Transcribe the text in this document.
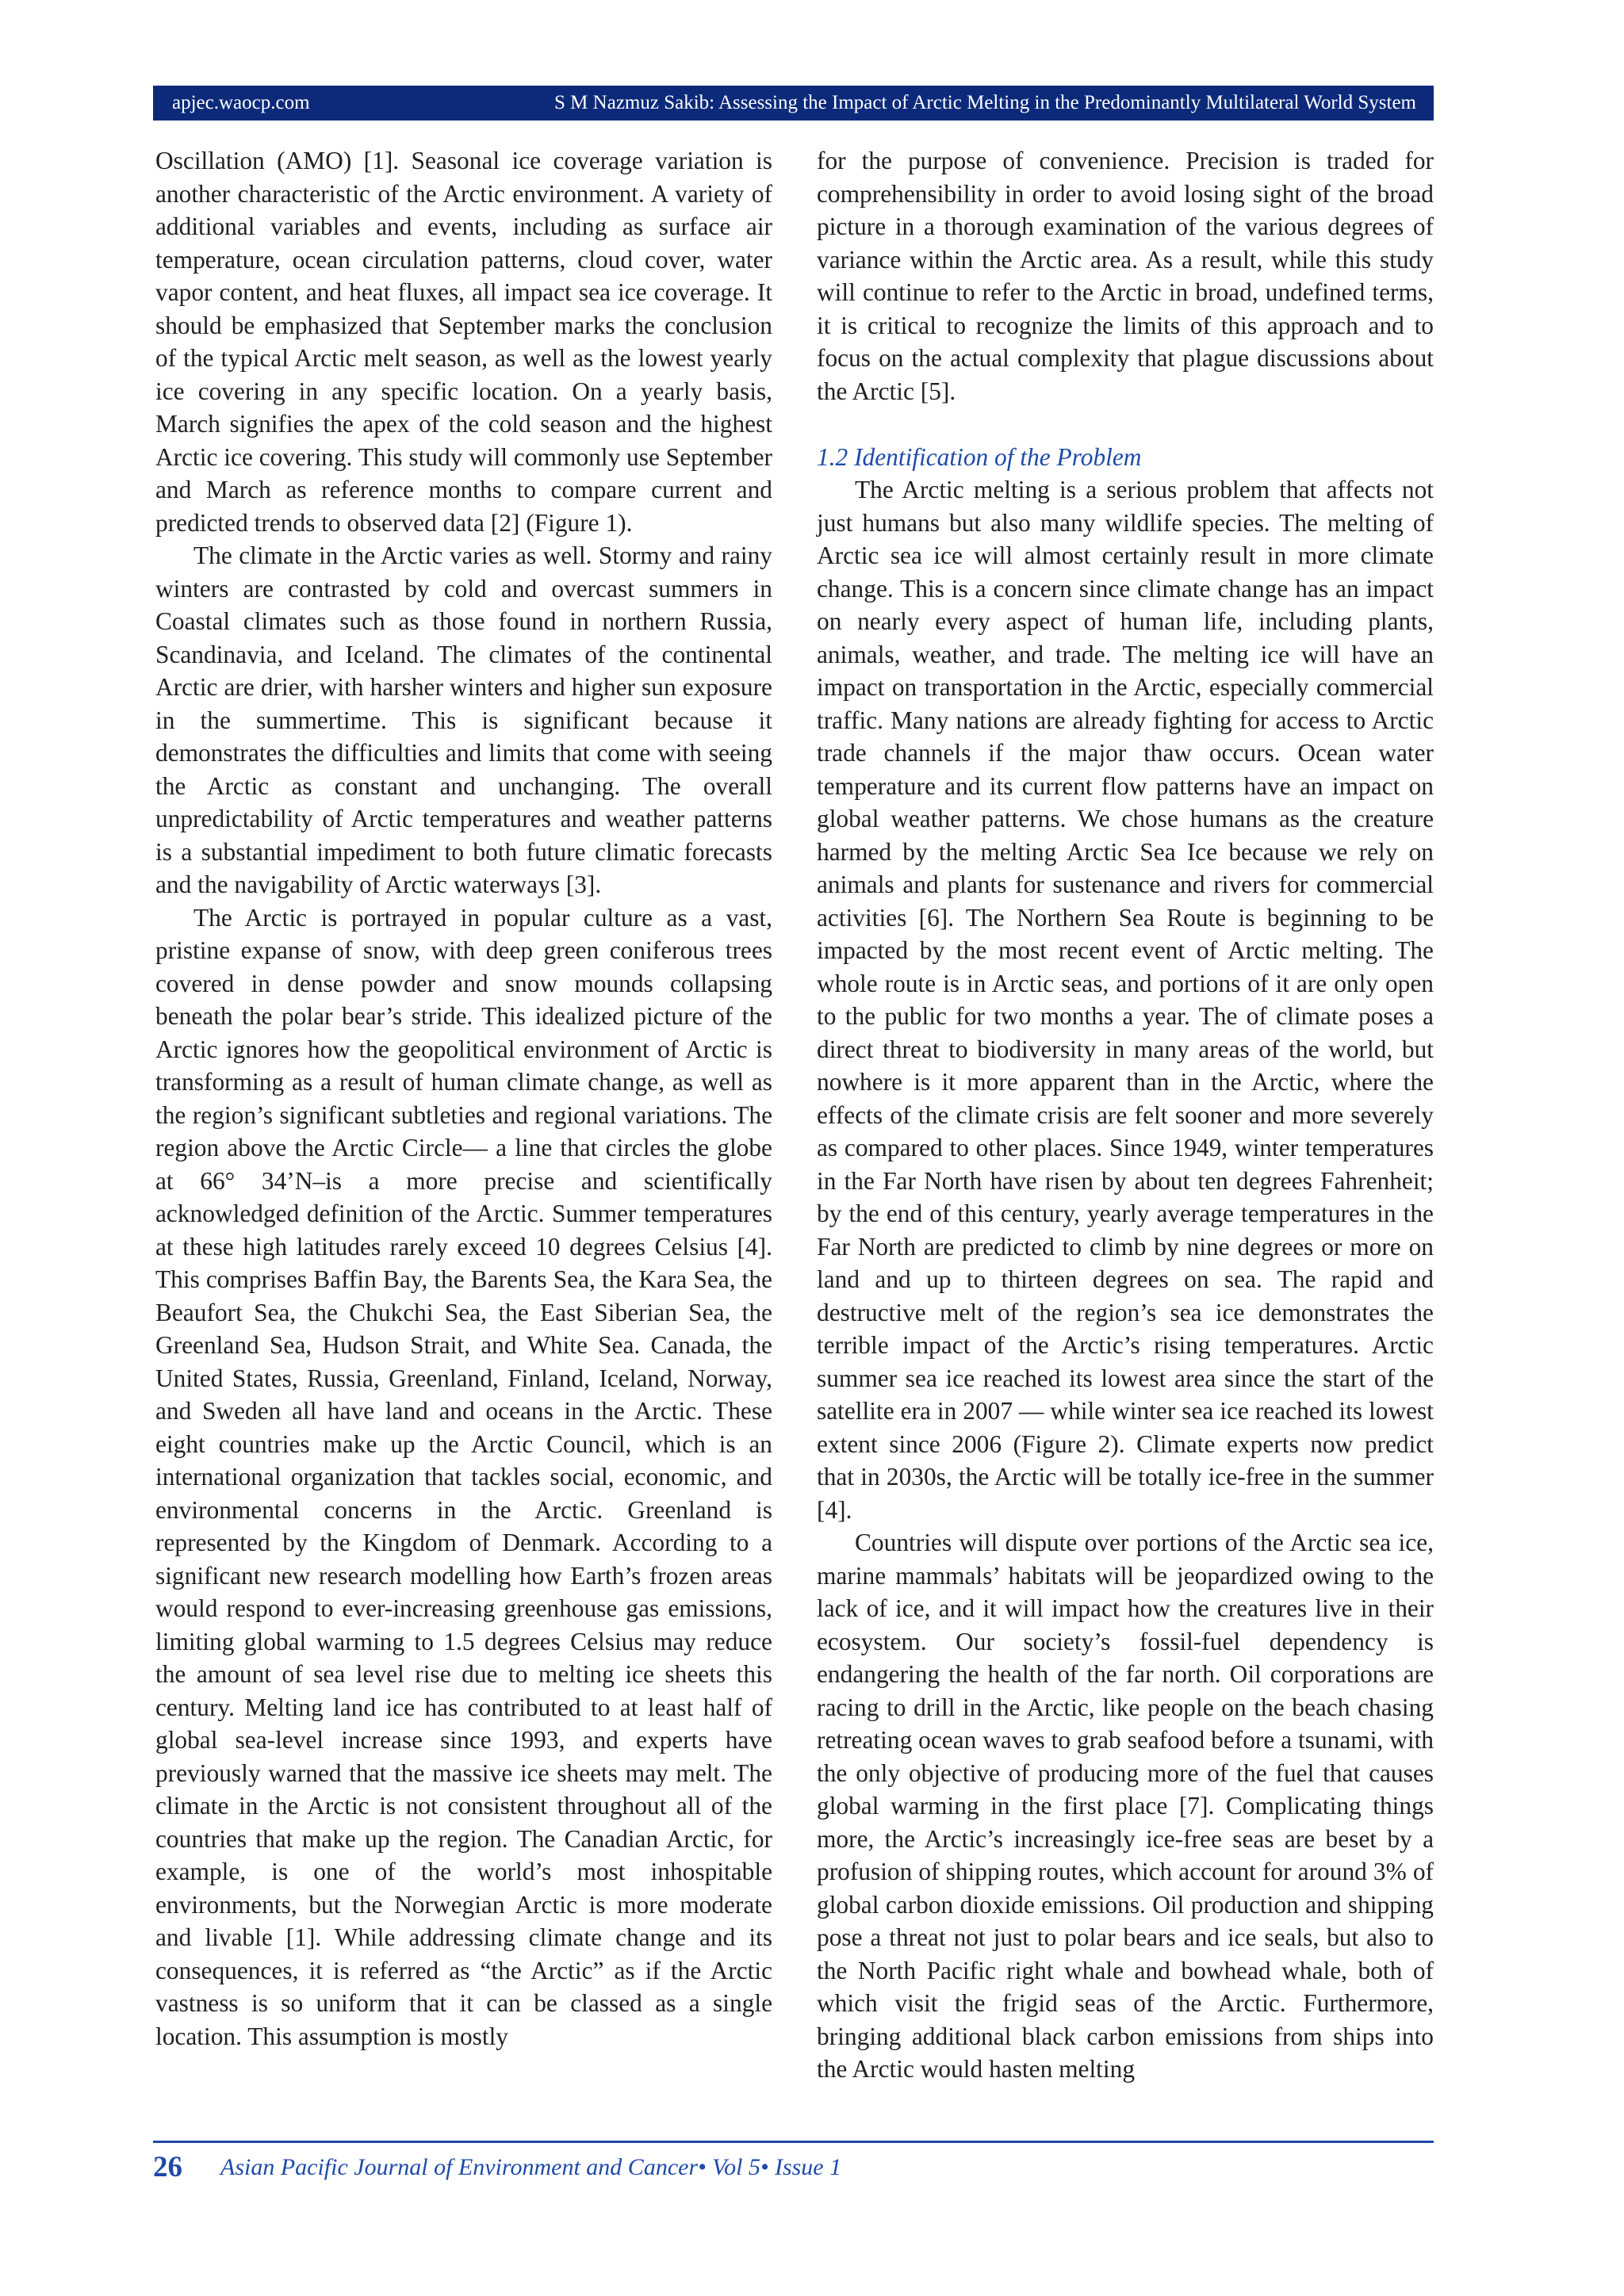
apjec.waocp.com	S M Nazmuz Sakib: Assessing the Impact of Arctic Melting in the Predominantly Multilateral World System

Oscillation (AMO) [1]. Seasonal ice coverage variation is another characteristic of the Arctic environment. A variety of additional variables and events, including as surface air temperature, ocean circulation patterns, cloud cover, water vapor content, and heat fluxes, all impact sea ice coverage. It should be emphasized that September marks the conclusion of the typical Arctic melt season, as well as the lowest yearly ice covering in any specific location. On a yearly basis, March signifies the apex of the cold season and the highest Arctic ice covering. This study will commonly use September and March as reference months to compare current and predicted trends to observed data [2] (Figure 1).

The climate in the Arctic varies as well. Stormy and rainy winters are contrasted by cold and overcast summers in Coastal climates such as those found in northern Russia, Scandinavia, and Iceland. The climates of the continental Arctic are drier, with harsher winters and higher sun exposure in the summertime. This is significant because it demonstrates the difficulties and limits that come with seeing the Arctic as constant and unchanging. The overall unpredictability of Arctic temperatures and weather patterns is a substantial impediment to both future climatic forecasts and the navigability of Arctic waterways [3].

The Arctic is portrayed in popular culture as a vast, pristine expanse of snow, with deep green coniferous trees covered in dense powder and snow mounds collapsing beneath the polar bear’s stride. This idealized picture of the Arctic ignores how the geopolitical environment of Arctic is transforming as a result of human climate change, as well as the region’s significant subtleties and regional variations. The region above the Arctic Circle— a line that circles the globe at 66° 34’N–is a more precise and scientifically acknowledged definition of the Arctic. Summer temperatures at these high latitudes rarely exceed 10 degrees Celsius [4]. This comprises Baffin Bay, the Barents Sea, the Kara Sea, the Beaufort Sea, the Chukchi Sea, the East Siberian Sea, the Greenland Sea, Hudson Strait, and White Sea. Canada, the United States, Russia, Greenland, Finland, Iceland, Norway, and Sweden all have land and oceans in the Arctic. These eight countries make up the Arctic Council, which is an international organization that tackles social, economic, and environmental concerns in the Arctic. Greenland is represented by the Kingdom of Denmark. According to a significant new research modelling how Earth’s frozen areas would respond to ever-increasing greenhouse gas emissions, limiting global warming to 1.5 degrees Celsius may reduce the amount of sea level rise due to melting ice sheets this century. Melting land ice has contributed to at least half of global sea-level increase since 1993, and experts have previously warned that the massive ice sheets may melt. The climate in the Arctic is not consistent throughout all of the countries that make up the region. The Canadian Arctic, for example, is one of the world’s most inhospitable environments, but the Norwegian Arctic is more moderate and livable [1]. While addressing climate change and its consequences, it is referred as “the Arctic” as if the Arctic vastness is so uniform that it can be classed as a single location. This assumption is mostly

for the purpose of convenience. Precision is traded for comprehensibility in order to avoid losing sight of the broad picture in a thorough examination of the various degrees of variance within the Arctic area. As a result, while this study will continue to refer to the Arctic in broad, undefined terms, it is critical to recognize the limits of this approach and to focus on the actual complexity that plague discussions about the Arctic [5].

1.2 Identification of the Problem

The Arctic melting is a serious problem that affects not just humans but also many wildlife species. The melting of Arctic sea ice will almost certainly result in more climate change. This is a concern since climate change has an impact on nearly every aspect of human life, including plants, animals, weather, and trade. The melting ice will have an impact on transportation in the Arctic, especially commercial traffic. Many nations are already fighting for access to Arctic trade channels if the major thaw occurs. Ocean water temperature and its current flow patterns have an impact on global weather patterns. We chose humans as the creature harmed by the melting Arctic Sea Ice because we rely on animals and plants for sustenance and rivers for commercial activities [6]. The Northern Sea Route is beginning to be impacted by the most recent event of Arctic melting. The whole route is in Arctic seas, and portions of it are only open to the public for two months a year. The of climate poses a direct threat to biodiversity in many areas of the world, but nowhere is it more apparent than in the Arctic, where the effects of the climate crisis are felt sooner and more severely as compared to other places. Since 1949, winter temperatures in the Far North have risen by about ten degrees Fahrenheit; by the end of this century, yearly average temperatures in the Far North are predicted to climb by nine degrees or more on land and up to thirteen degrees on sea. The rapid and destructive melt of the region’s sea ice demonstrates the terrible impact of the Arctic’s rising temperatures. Arctic summer sea ice reached its lowest area since the start of the satellite era in 2007 — while winter sea ice reached its lowest extent since 2006 (Figure 2). Climate experts now predict that in 2030s, the Arctic will be totally ice-free in the summer [4].

Countries will dispute over portions of the Arctic sea ice, marine mammals’ habitats will be jeopardized owing to the lack of ice, and it will impact how the creatures live in their ecosystem. Our society’s fossil-fuel dependency is endangering the health of the far north. Oil corporations are racing to drill in the Arctic, like people on the beach chasing retreating ocean waves to grab seafood before a tsunami, with the only objective of producing more of the fuel that causes global warming in the first place [7]. Complicating things more, the Arctic’s increasingly ice-free seas are beset by a profusion of shipping routes, which account for around 3% of global carbon dioxide emissions. Oil production and shipping pose a threat not just to polar bears and ice seals, but also to the North Pacific right whale and bowhead whale, both of which visit the frigid seas of the Arctic. Furthermore, bringing additional black carbon emissions from ships into the Arctic would hasten melting

26 Asian Pacific Journal of Environment and Cancer• Vol 5• Issue 1
